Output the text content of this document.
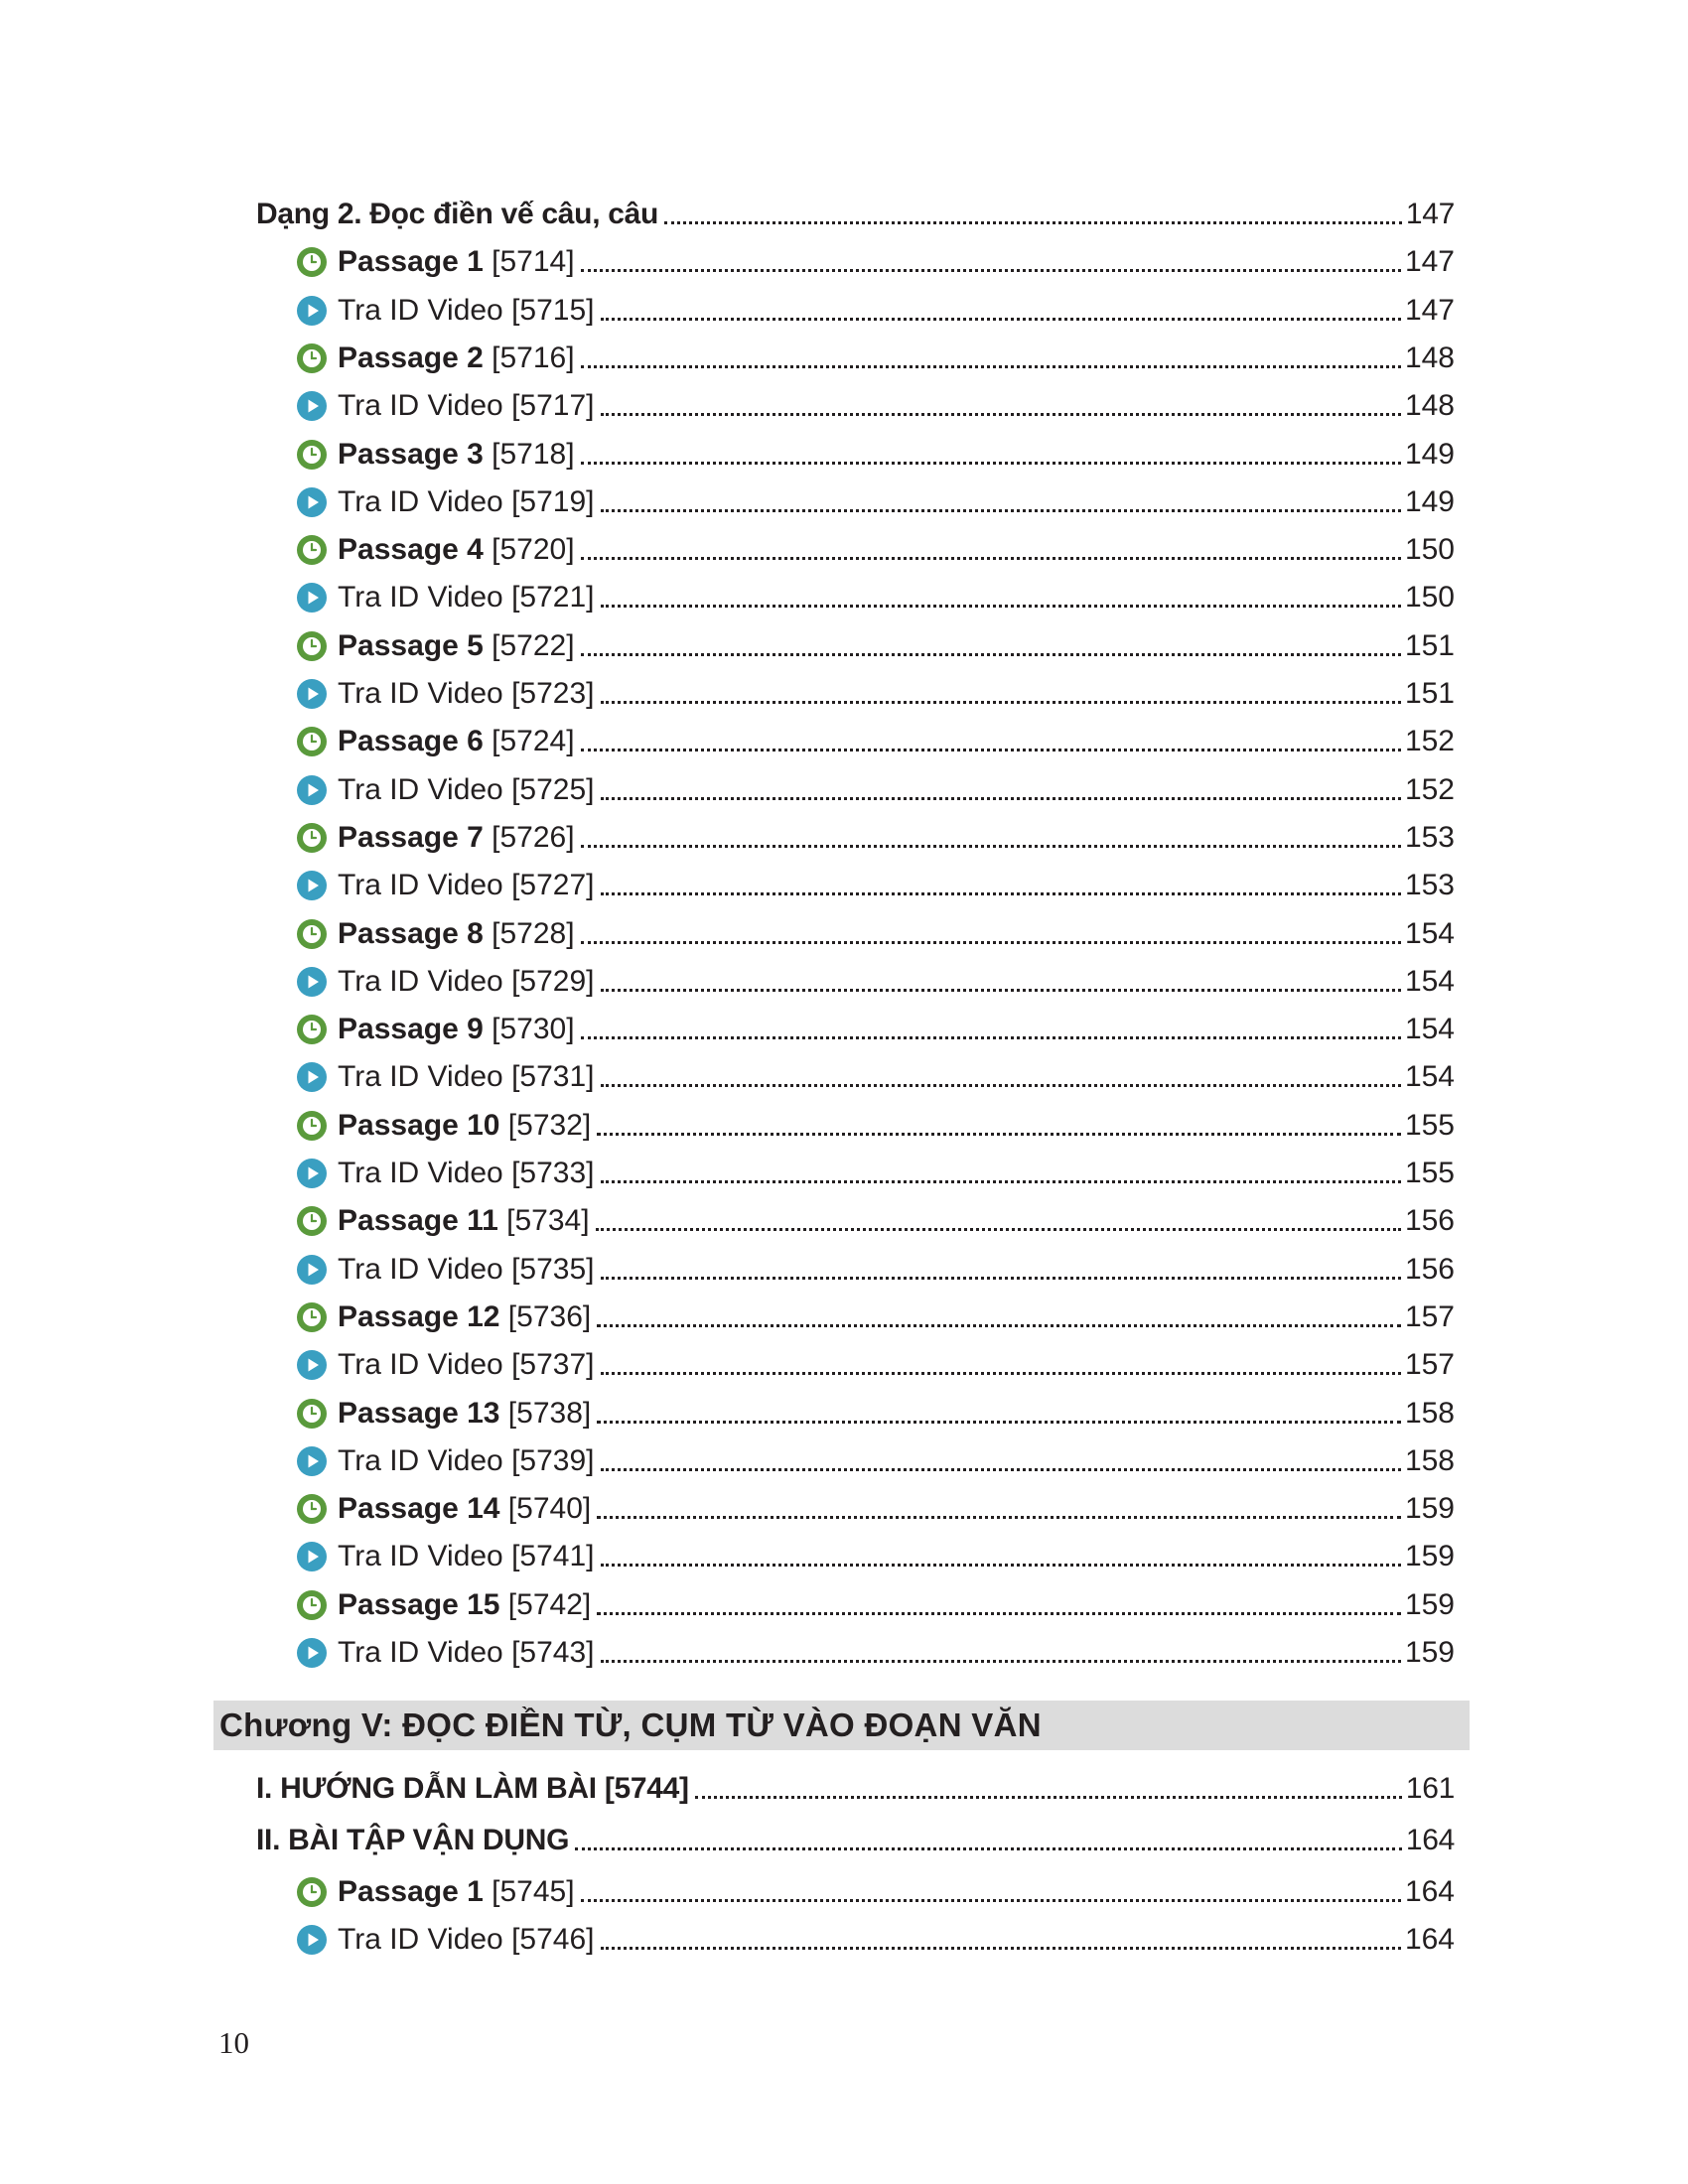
Dạng 2. Đọc điền vế câu, câu	147
Passage 1 [5714]	147
Tra ID Video [5715]	147
Passage 2 [5716]	148
Tra ID Video [5717]	148
Passage 3 [5718]	149
Tra ID Video [5719]	149
Passage 4 [5720]	150
Tra ID Video [5721]	150
Passage 5 [5722]	151
Tra ID Video [5723]	151
Passage 6 [5724]	152
Tra ID Video [5725]	152
Passage 7 [5726]	153
Tra ID Video [5727]	153
Passage 8 [5728]	154
Tra ID Video [5729]	154
Passage 9 [5730]	154
Tra ID Video [5731]	154
Passage 10 [5732]	155
Tra ID Video [5733]	155
Passage 11 [5734]	156
Tra ID Video [5735]	156
Passage 12 [5736]	157
Tra ID Video [5737]	157
Passage 13 [5738]	158
Tra ID Video [5739]	158
Passage 14 [5740]	159
Tra ID Video [5741]	159
Passage 15 [5742]	159
Tra ID Video [5743]	159
I. HƯỚNG DẪN LÀM BÀI [5744]	161
II. BÀI TẬP VẬN DỤNG	164
Passage 1 [5745]	164
Tra ID Video [5746]	164
Chương V: ĐỌC ĐIỀN TỪ, CỤM TỪ VÀO ĐOẠN VĂN
10
